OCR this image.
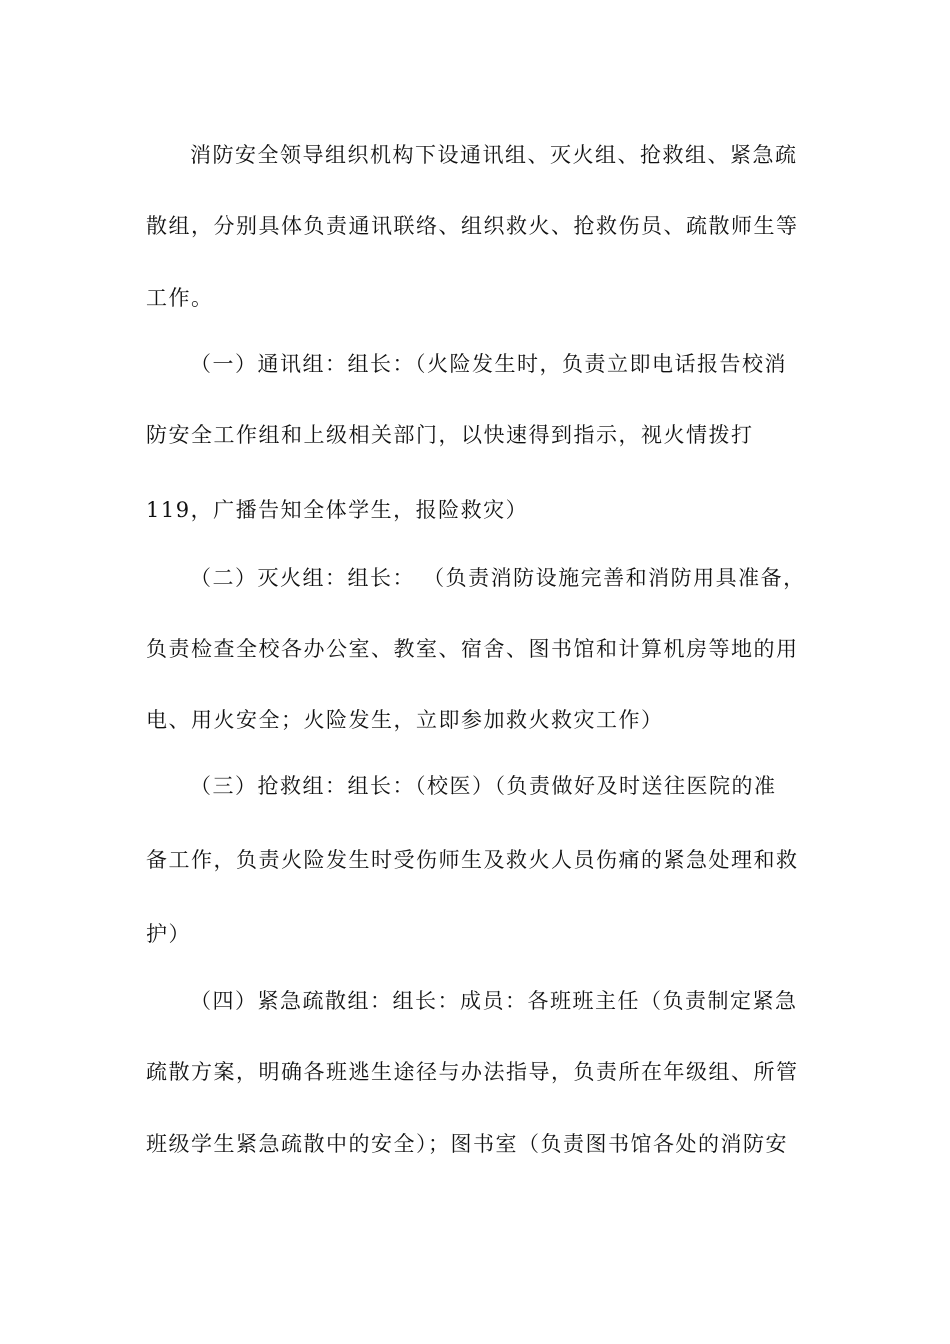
消防安全领导组织机构下设通讯组、灭火组、抢救组、紧急疏
散组，分别具体负责通讯联络、组织救火、抢救伤员、疏散师生等
工作。
（一）通讯组：组长：（火险发生时，负责立即电话报告校消
防安全工作组和上级相关部门，以快速得到指示，视火情拨打
119，广播告知全体学生，报险救灾）
（二）灭火组：组长： （负责消防设施完善和消防用具准备，
负责检查全校各办公室、教室、宿舍、图书馆和计算机房等地的用
电、用火安全；火险发生，立即参加救火救灾工作）
（三）抢救组：组长：（校医）（负责做好及时送往医院的准
备工作，负责火险发生时受伤师生及救火人员伤痛的紧急处理和救
护）
（四）紧急疏散组：组长：成员：各班班主任（负责制定紧急
疏散方案，明确各班逃生途径与办法指导，负责所在年级组、所管
班级学生紧急疏散中的安全）；图书室（负责图书馆各处的消防安
